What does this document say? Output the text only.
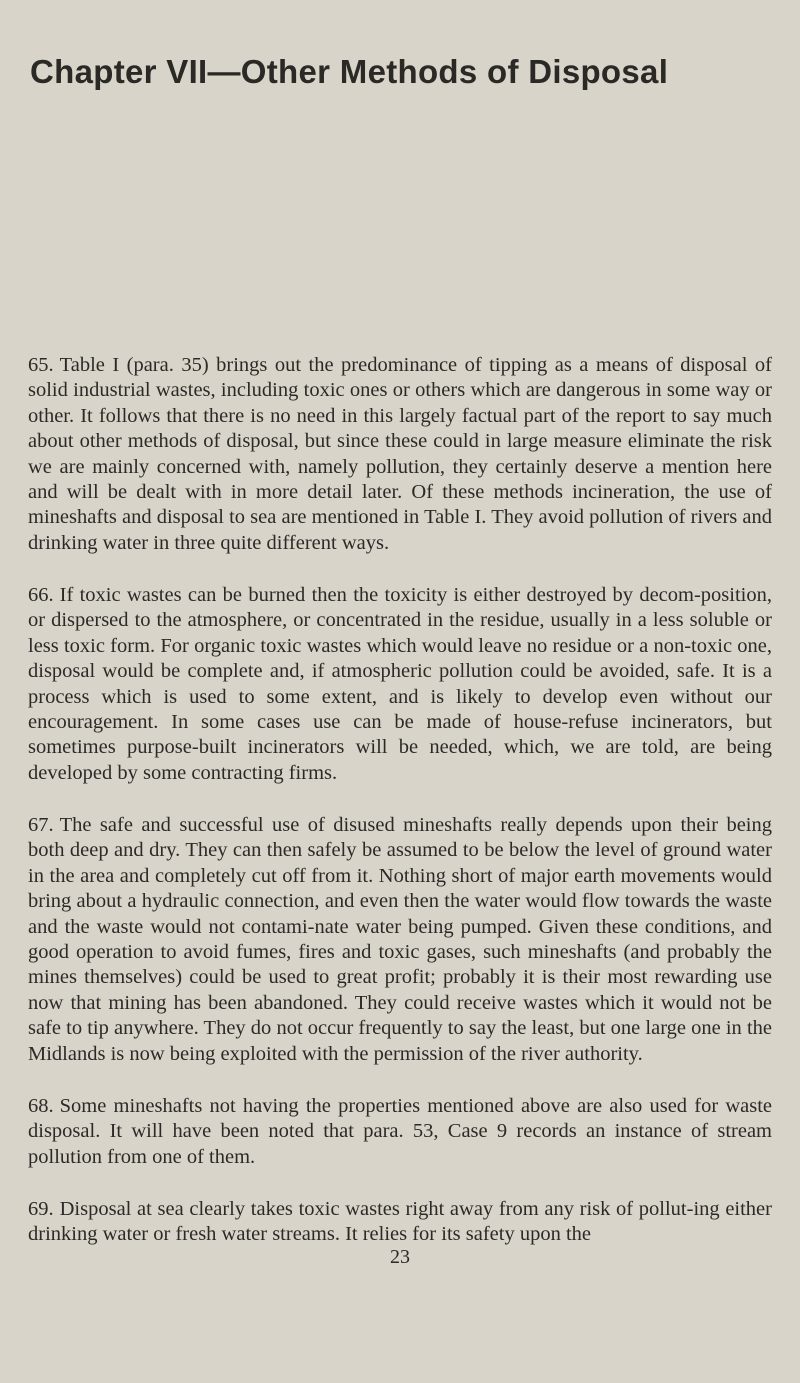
Chapter VII—Other Methods of Disposal

65. Table I (para. 35) brings out the predominance of tipping as a means of disposal of solid industrial wastes, including toxic ones or others which are dangerous in some way or other. It follows that there is no need in this largely factual part of the report to say much about other methods of disposal, but since these could in large measure eliminate the risk we are mainly concerned with, namely pollution, they certainly deserve a mention here and will be dealt with in more detail later. Of these methods incineration, the use of mineshafts and disposal to sea are mentioned in Table I. They avoid pollution of rivers and drinking water in three quite different ways.

66. If toxic wastes can be burned then the toxicity is either destroyed by decom-position, or dispersed to the atmosphere, or concentrated in the residue, usually in a less soluble or less toxic form. For organic toxic wastes which would leave no residue or a non-toxic one, disposal would be complete and, if atmospheric pollution could be avoided, safe. It is a process which is used to some extent, and is likely to develop even without our encouragement. In some cases use can be made of house-refuse incinerators, but sometimes purpose-built incinerators will be needed, which, we are told, are being developed by some contracting firms.

67. The safe and successful use of disused mineshafts really depends upon their being both deep and dry. They can then safely be assumed to be below the level of ground water in the area and completely cut off from it. Nothing short of major earth movements would bring about a hydraulic connection, and even then the water would flow towards the waste and the waste would not contami-nate water being pumped. Given these conditions, and good operation to avoid fumes, fires and toxic gases, such mineshafts (and probably the mines themselves) could be used to great profit; probably it is their most rewarding use now that mining has been abandoned. They could receive wastes which it would not be safe to tip anywhere. They do not occur frequently to say the least, but one large one in the Midlands is now being exploited with the permission of the river authority.

68. Some mineshafts not having the properties mentioned above are also used for waste disposal. It will have been noted that para. 53, Case 9 records an instance of stream pollution from one of them.

69. Disposal at sea clearly takes toxic wastes right away from any risk of pollut-ing either drinking water or fresh water streams. It relies for its safety upon the

23
